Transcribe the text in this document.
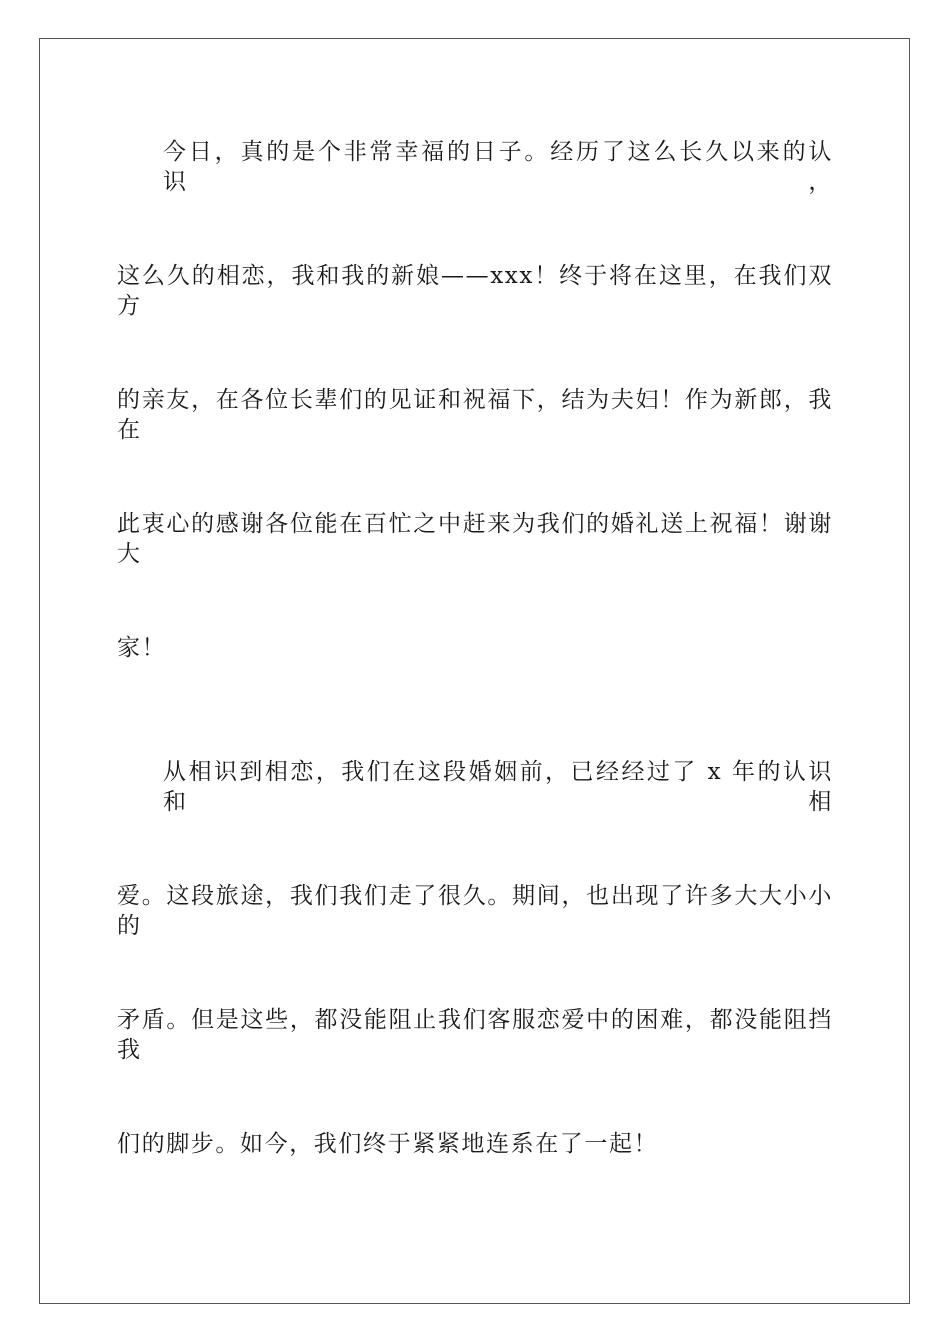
今日，真的是个非常幸福的日子。经历了这么长久以来的认识，
这么久的相恋，我和我的新娘——xxx！终于将在这里，在我们双方
的亲友，在各位长辈们的见证和祝福下，结为夫妇！作为新郎，我在
此衷心的感谢各位能在百忙之中赶来为我们的婚礼送上祝福！谢谢大
家！
从相识到相恋，我们在这段婚姻前，已经经过了 x 年的认识和相
爱。这段旅途，我们我们走了很久。期间，也出现了许多大大小小的
矛盾。但是这些，都没能阻止我们客服恋爱中的困难，都没能阻挡我
们的脚步。如今，我们终于紧紧地连系在了一起！
